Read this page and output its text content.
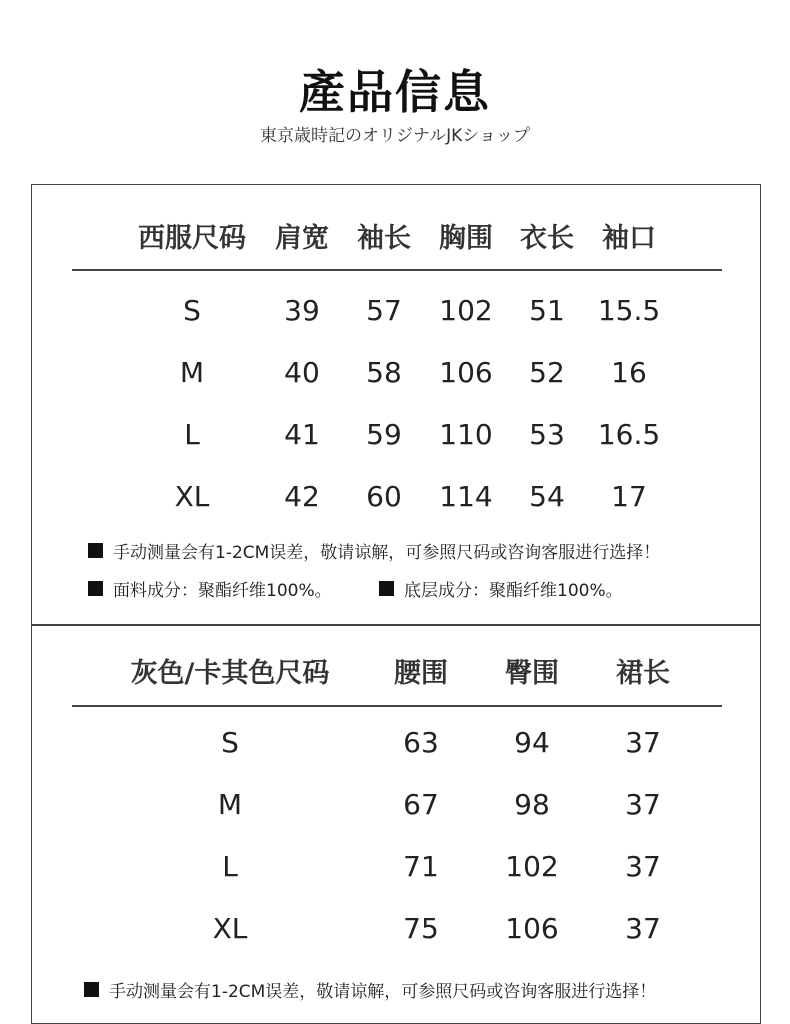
產品信息
東京歳時記のオリジナルJKショップ
西服尺码 肩宽 袖长 胸围 衣长 袖口
S	39 57 102 51 15.5
M	40 58 106 52 16
L	41 59 110 53 16.5
XL	42 60 114 54 17
手动测量会有1-2CM误差，敬请谅解，可参照尺码或咨询客服进行选择！
面料成分：聚酯纤维100%。	底层成分：聚酯纤维100%。
灰色/卡其色尺码 腰围 臀围 裙长
S	63	94	37
M	67	98	37
L	71 102 37
XL	75 106 37
手动测量会有1-2CM误差，敬请谅解，可参照尺码或咨询客服进行选择！
